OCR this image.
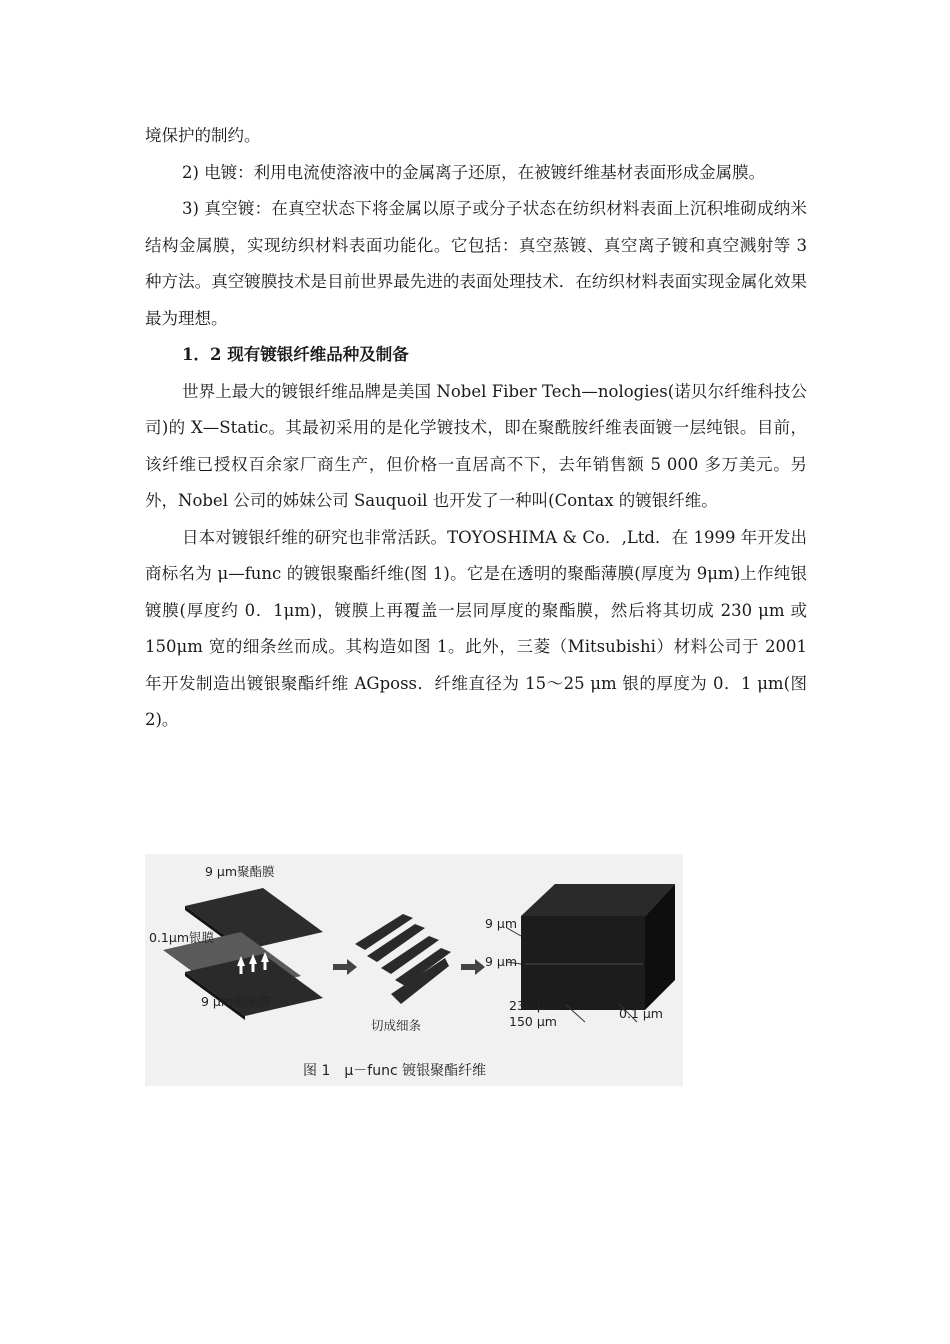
境保护的制约。

2) 电镀：利用电流使溶液中的金属离子还原，在被镀纤维基材表面形成金属膜。

3) 真空镀：在真空状态下将金属以原子或分子状态在纺织材料表面上沉积堆砌成纳米结构金属膜，实现纺织材料表面功能化。它包括：真空蒸镀、真空离子镀和真空溅射等 3 种方法。真空镀膜技术是目前世界最先进的表面处理技术．在纺织材料表面实现金属化效果最为理想。

1．2 现有镀银纤维品种及制备

世界上最大的镀银纤维品牌是美国 Nobel Fiber Tech—nologies(诺贝尔纤维科技公司)的 X—Static。其最初采用的是化学镀技术，即在聚酰胺纤维表面镀一层纯银。目前，该纤维已授权百余家厂商生产，但价格一直居高不下，去年销售额 5 000 多万美元。另外，Nobel 公司的姊妹公司 Sauquoil 也开发了一种叫(Contax 的镀银纤维。

日本对镀银纤维的研究也非常活跃。TOYOSHIMA & Co．,Ltd．在 1999 年开发出商标名为 μ—func 的镀银聚酯纤维(图 1)。它是在透明的聚酯薄膜(厚度为 9μm)上作纯银镀膜(厚度约 0．1μm)，镀膜上再覆盖一层同厚度的聚酯膜，然后将其切成 230 μm 或 150μm 宽的细条丝而成。其构造如图 1。此外，三菱（Mitsubishi）材料公司于 2001 年开发制造出镀银聚酯纤维 AGposs．纤维直径为 15～25 μm 银的厚度为 0．1 μm(图 2)。

9 μm聚酯膜
0.1μm银膜
9 μm聚酯膜
切成细条
9 μm
9 μm
230 μm
150 μm
0.1 μm
图 1　μ－func 镀银聚酯纤维
